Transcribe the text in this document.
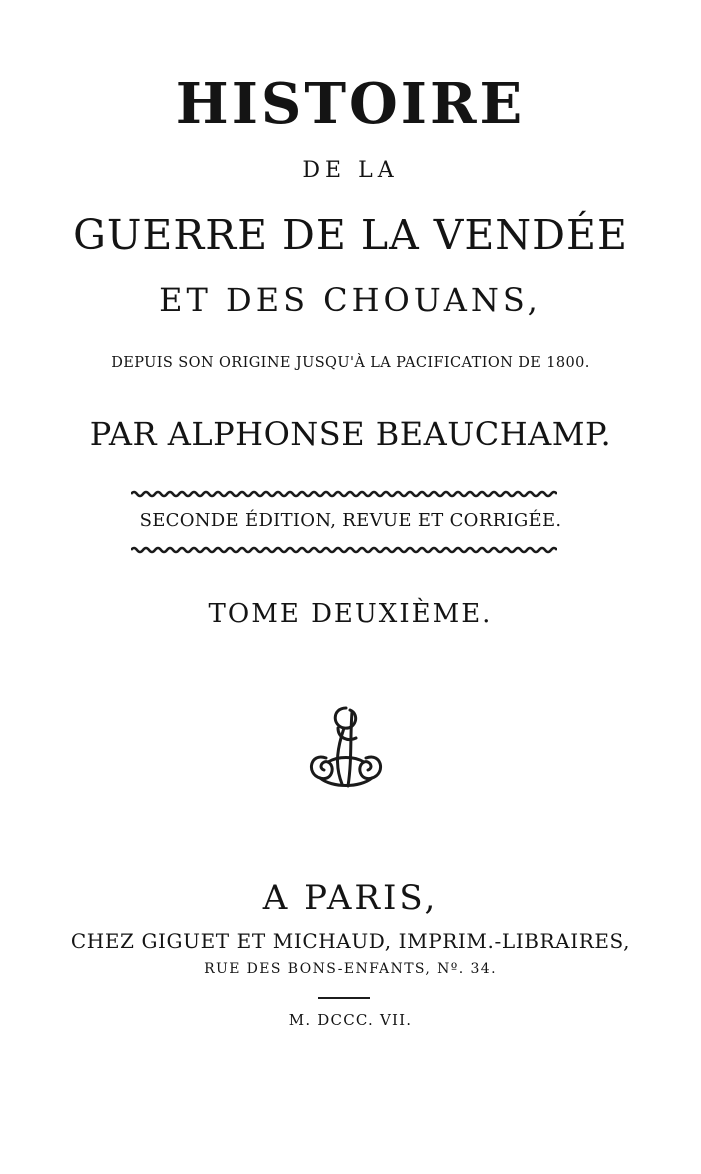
HISTOIRE
DE LA
GUERRE DE LA VENDÉE
ET DES CHOUANS,
DEPUIS SON ORIGINE JUSQU'À LA PACIFICATION DE 1800.
PAR ALPHONSE BEAUCHAMP.
SECONDE ÉDITION, REVUE ET CORRIGÉE.
TOME DEUXIÈME.
A PARIS,
CHEZ GIGUET ET MICHAUD, IMPRIM.-LIBRAIRES,
RUE DES BONS-ENFANTS, Nº. 34.
M. DCCC. VII.
